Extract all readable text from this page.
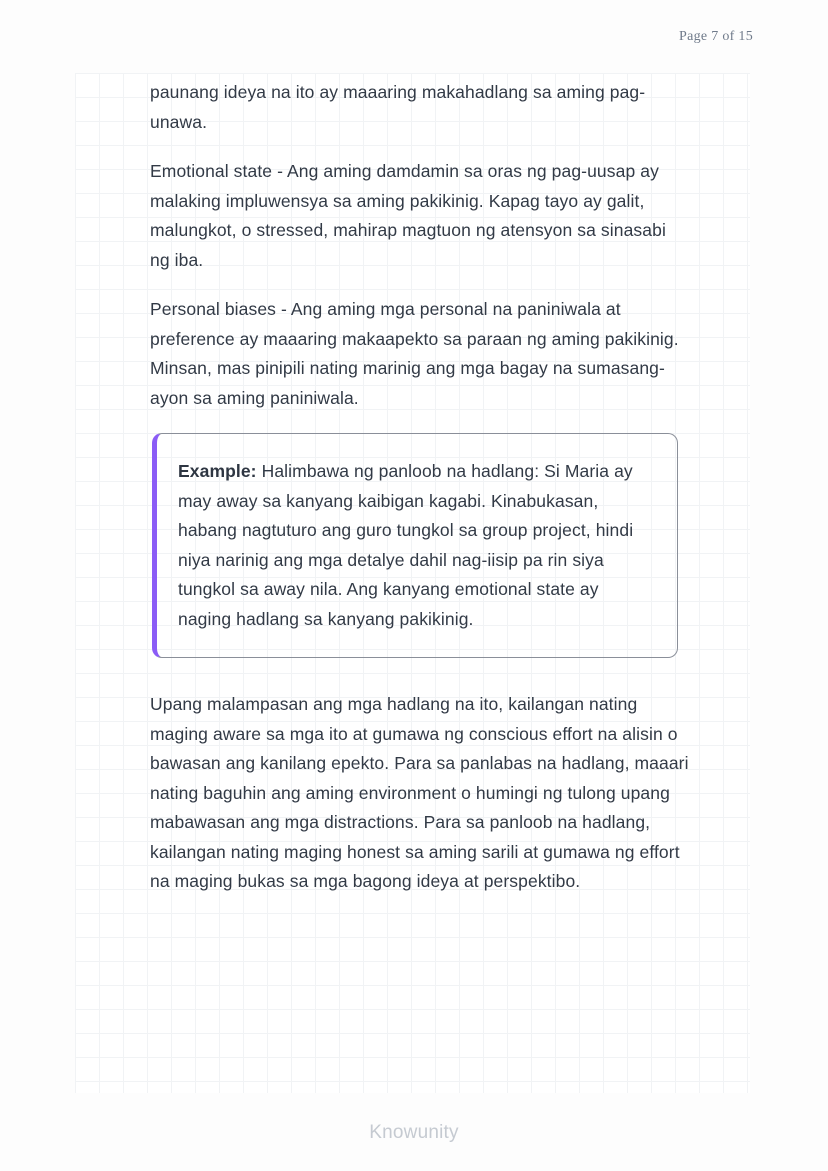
Page 7 of 15

paunang ideya na ito ay maaaring makahadlang sa aming pag-unawa.

Emotional state - Ang aming damdamin sa oras ng pag-uusap ay malaking impluwensya sa aming pakikinig. Kapag tayo ay galit, malungkot, o stressed, mahirap magtuon ng atensyon sa sinasabi ng iba.

Personal biases - Ang aming mga personal na paniniwala at preference ay maaaring makaapekto sa paraan ng aming pakikinig. Minsan, mas pinipili nating marinig ang mga bagay na sumasang-ayon sa aming paniniwala.

Example: Halimbawa ng panloob na hadlang: Si Maria ay may away sa kanyang kaibigan kagabi. Kinabukasan, habang nagtuturo ang guro tungkol sa group project, hindi niya narinig ang mga detalye dahil nag-iisip pa rin siya tungkol sa away nila. Ang kanyang emotional state ay naging hadlang sa kanyang pakikinig.

Upang malampasan ang mga hadlang na ito, kailangan nating maging aware sa mga ito at gumawa ng conscious effort na alisin o bawasan ang kanilang epekto. Para sa panlabas na hadlang, maaari nating baguhin ang aming environment o humingi ng tulong upang mabawasan ang mga distractions. Para sa panloob na hadlang, kailangan nating maging honest sa aming sarili at gumawa ng effort na maging bukas sa mga bagong ideya at perspektibo.

Knowunity
